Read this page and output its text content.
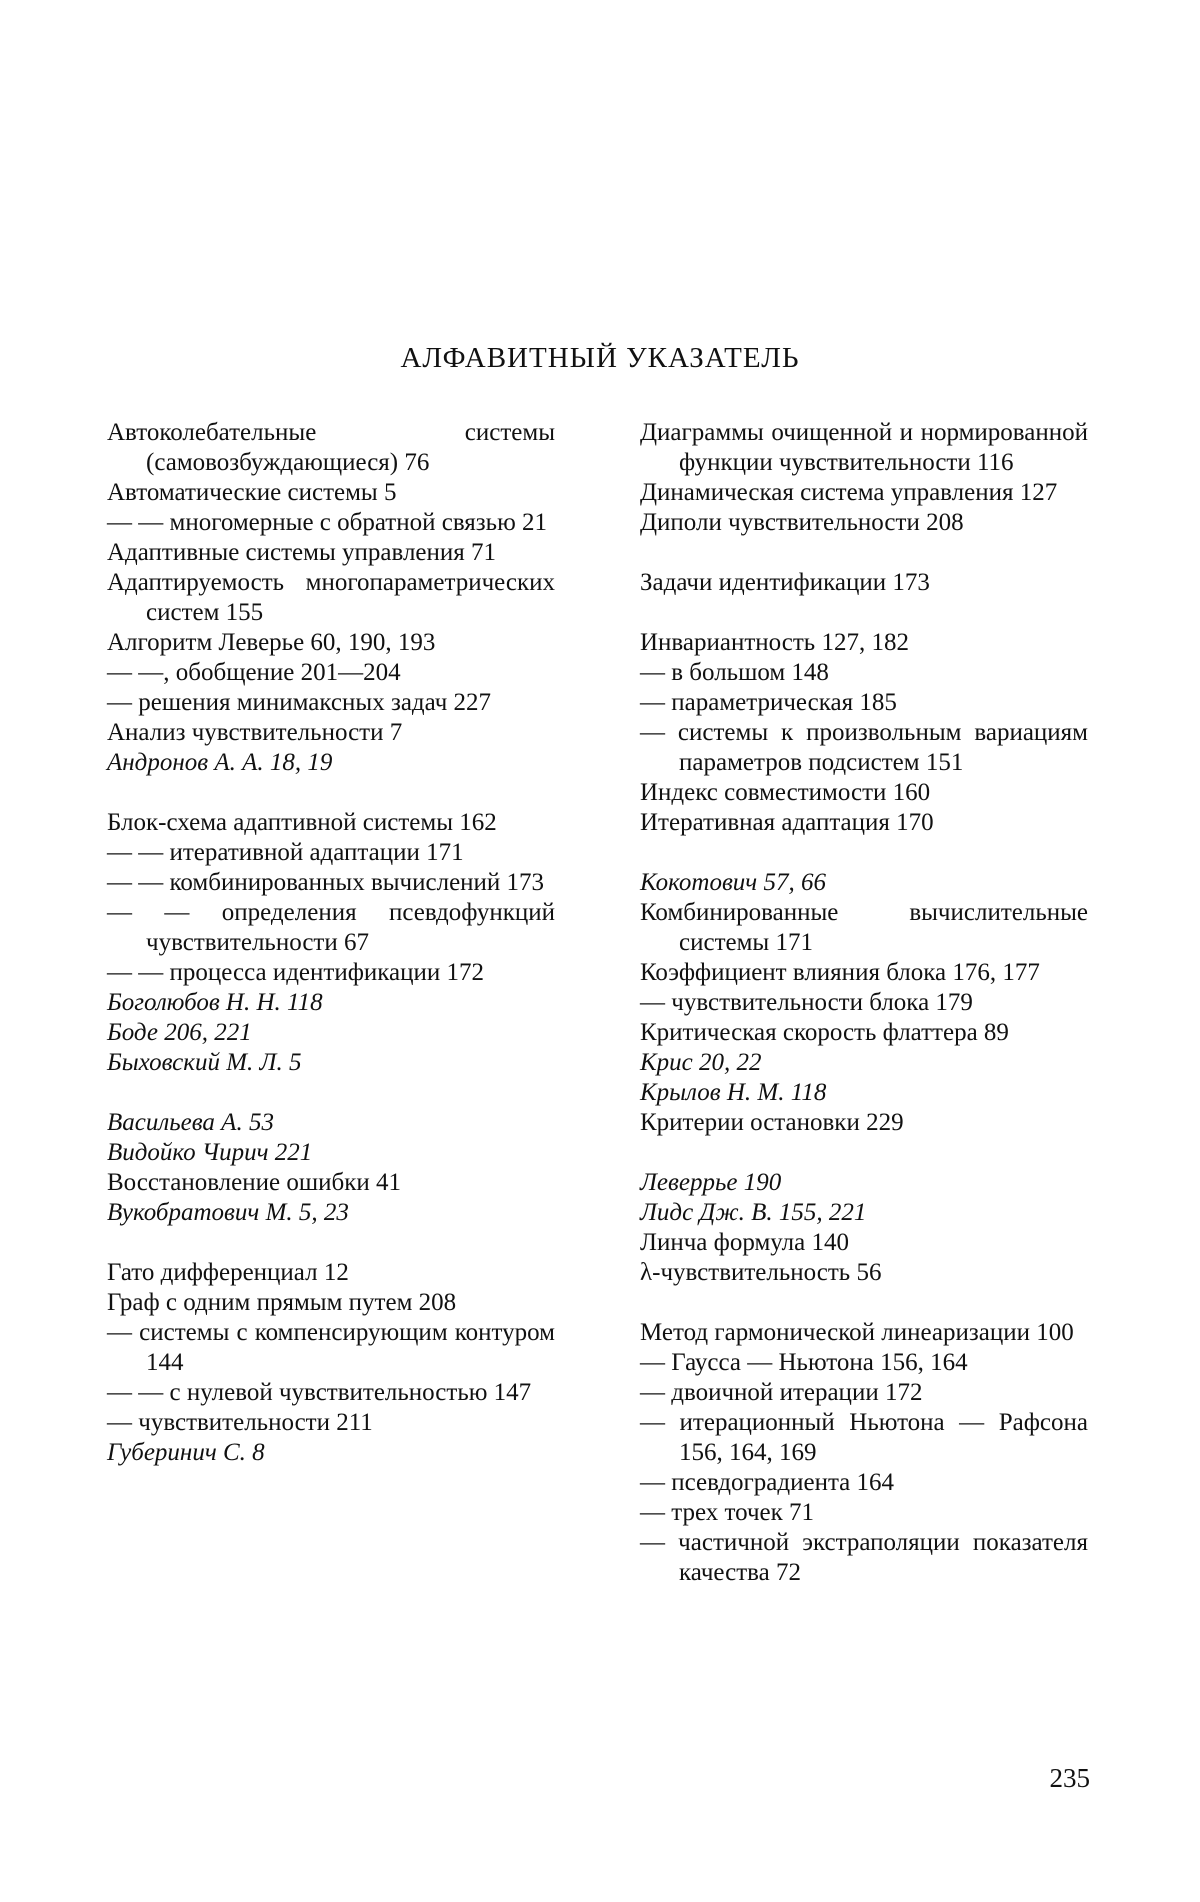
АЛФАВИТНЫЙ УКАЗАТЕЛЬ
Автоколебательные системы (самовозбуждающиеся) 76
Автоматические системы 5
— — многомерные с обратной связью 21
Адаптивные системы управления 71
Адаптируемость многопараметрических систем 155
Алгоритм Леверье 60, 190, 193
— —, обобщение 201—204
— решения минимаксных задач 227
Анализ чувствительности 7
Андронов А. А. 18, 19
Блок-схема адаптивной системы 162
— — итеративной адаптации 171
— — комбинированных вычислений 173
— — определения псевдофункций чувствительности 67
— — процесса идентификации 172
Боголюбов Н. Н. 118
Боде 206, 221
Быховский М. Л. 5
Васильева А. 53
Видойко Чирич 221
Восстановление ошибки 41
Вукобратович М. 5, 23
Гато дифференциал 12
Граф с одним прямым путем 208
— системы с компенсирующим контуром 144
— — с нулевой чувствительностью 147
— чувствительности 211
Губеринич С. 8
Диаграммы очищенной и нормированной функции чувствительности 116
Динамическая система управления 127
Диполи чувствительности 208
Задачи идентификации 173
Инвариантность 127, 182
— в большом 148
— параметрическая 185
— системы к произвольным вариациям параметров подсистем 151
Индекс совместимости 160
Итеративная адаптация 170
Кокотович 57, 66
Комбинированные вычислительные системы 171
Коэффициент влияния блока 176, 177
— чувствительности блока 179
Критическая скорость флаттера 89
Крис 20, 22
Крылов Н. М. 118
Критерии остановки 229
Леверрье 190
Лидс Дж. В. 155, 221
Линча формула 140
λ-чувствительность 56
Метод гармонической линеаризации 100
— Гаусса — Ньютона 156, 164
— двоичной итерации 172
— итерационный Ньютона — Рафсона 156, 164, 169
— псевдоградиента 164
— трех точек 71
— частичной экстраполяции показателя качества 72
235
